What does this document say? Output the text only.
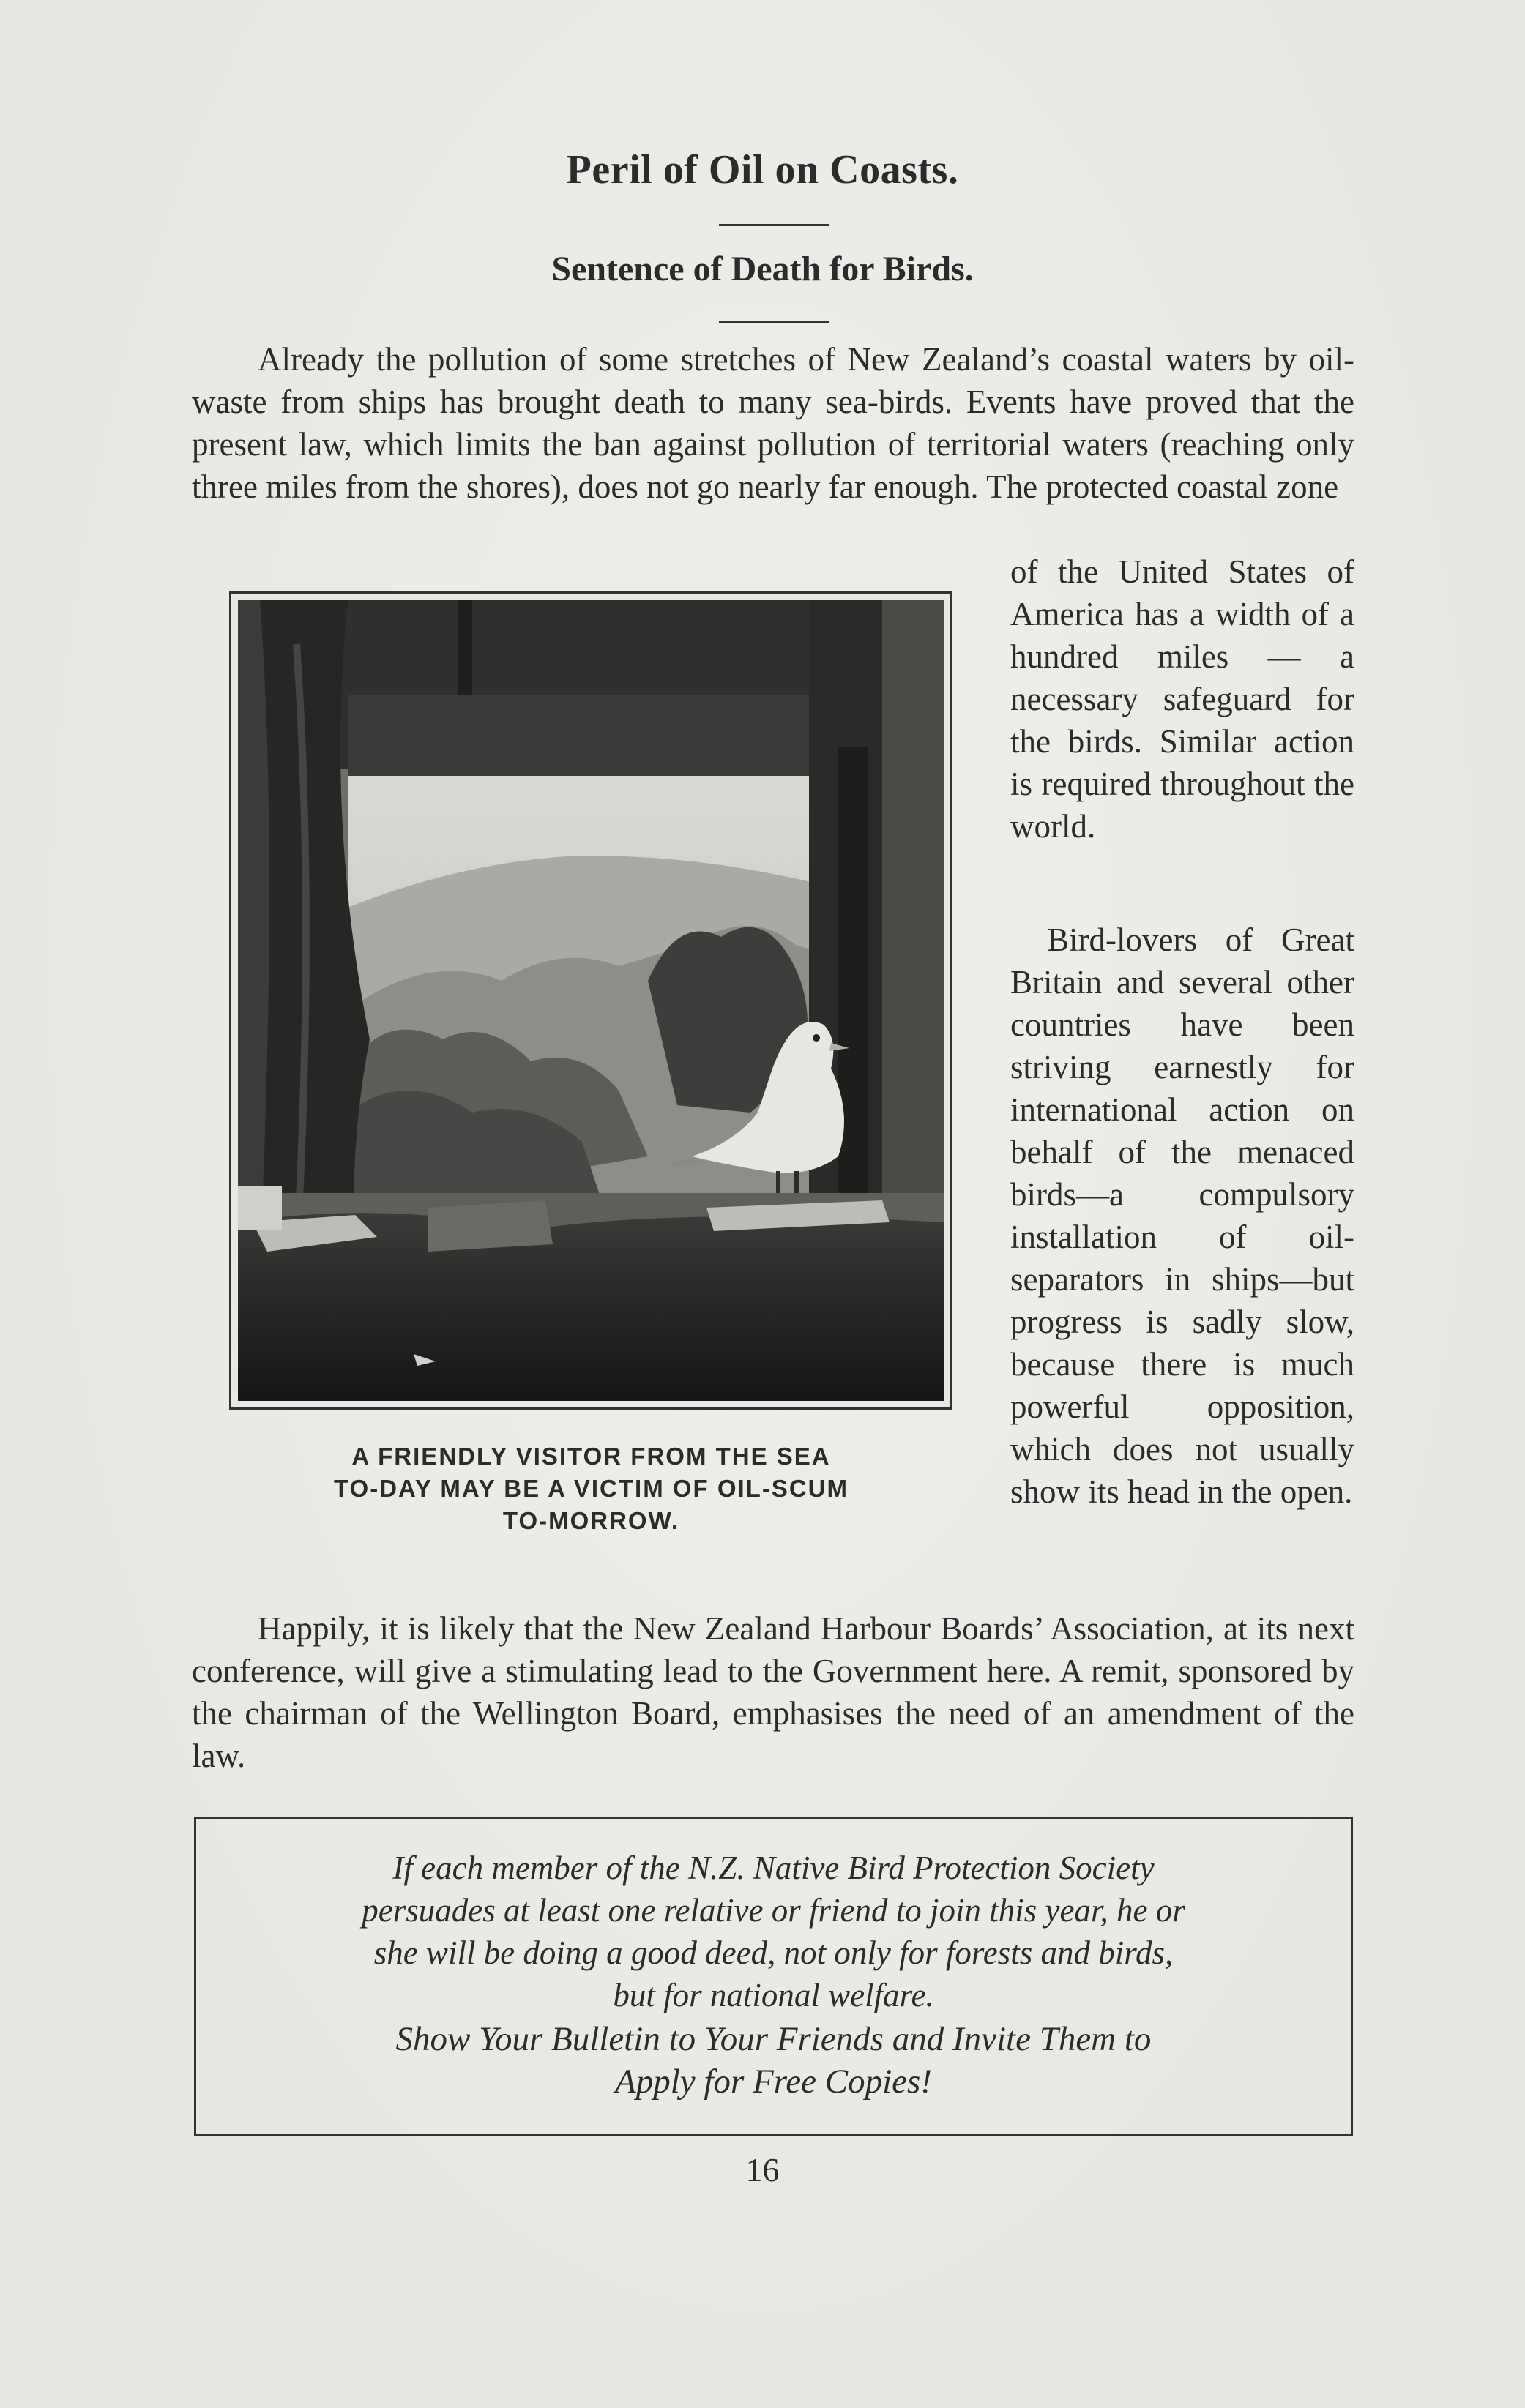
Peril of Oil on Coasts.
Sentence of Death for Birds.

Already the pollution of some stretches of New Zealand’s coastal waters by oil-waste from ships has brought death to many sea-birds. Events have proved that the present law, which limits the ban against pollution of territorial waters (reaching only three miles from the shores), does not go nearly far enough. The protected coastal zone

of the United States of America has a width of a hundred miles — a necessary safeguard for the birds. Similar action is required throughout the world.

Bird-lovers of Great Britain and several other countries have been striving earnestly for international action on behalf of the menaced birds—a compulsory installation of oil-separators in ships—but progress is sadly slow, because there is much powerful opposition, which does not usually show its head in the open.

A FRIENDLY VISITOR FROM THE SEA
TO-DAY MAY BE A VICTIM OF OIL-SCUM
TO-MORROW.

Happily, it is likely that the New Zealand Harbour Boards’ Association, at its next conference, will give a stimulating lead to the Government here. A remit, sponsored by the chairman of the Wellington Board, emphasises the need of an amendment of the law.

If each member of the N.Z. Native Bird Protection Society
persuades at least one relative or friend to join this year, he or
she will be doing a good deed, not only for forests and birds,
but for national welfare.

Show Your Bulletin to Your Friends and Invite Them to
Apply for Free Copies!

16
